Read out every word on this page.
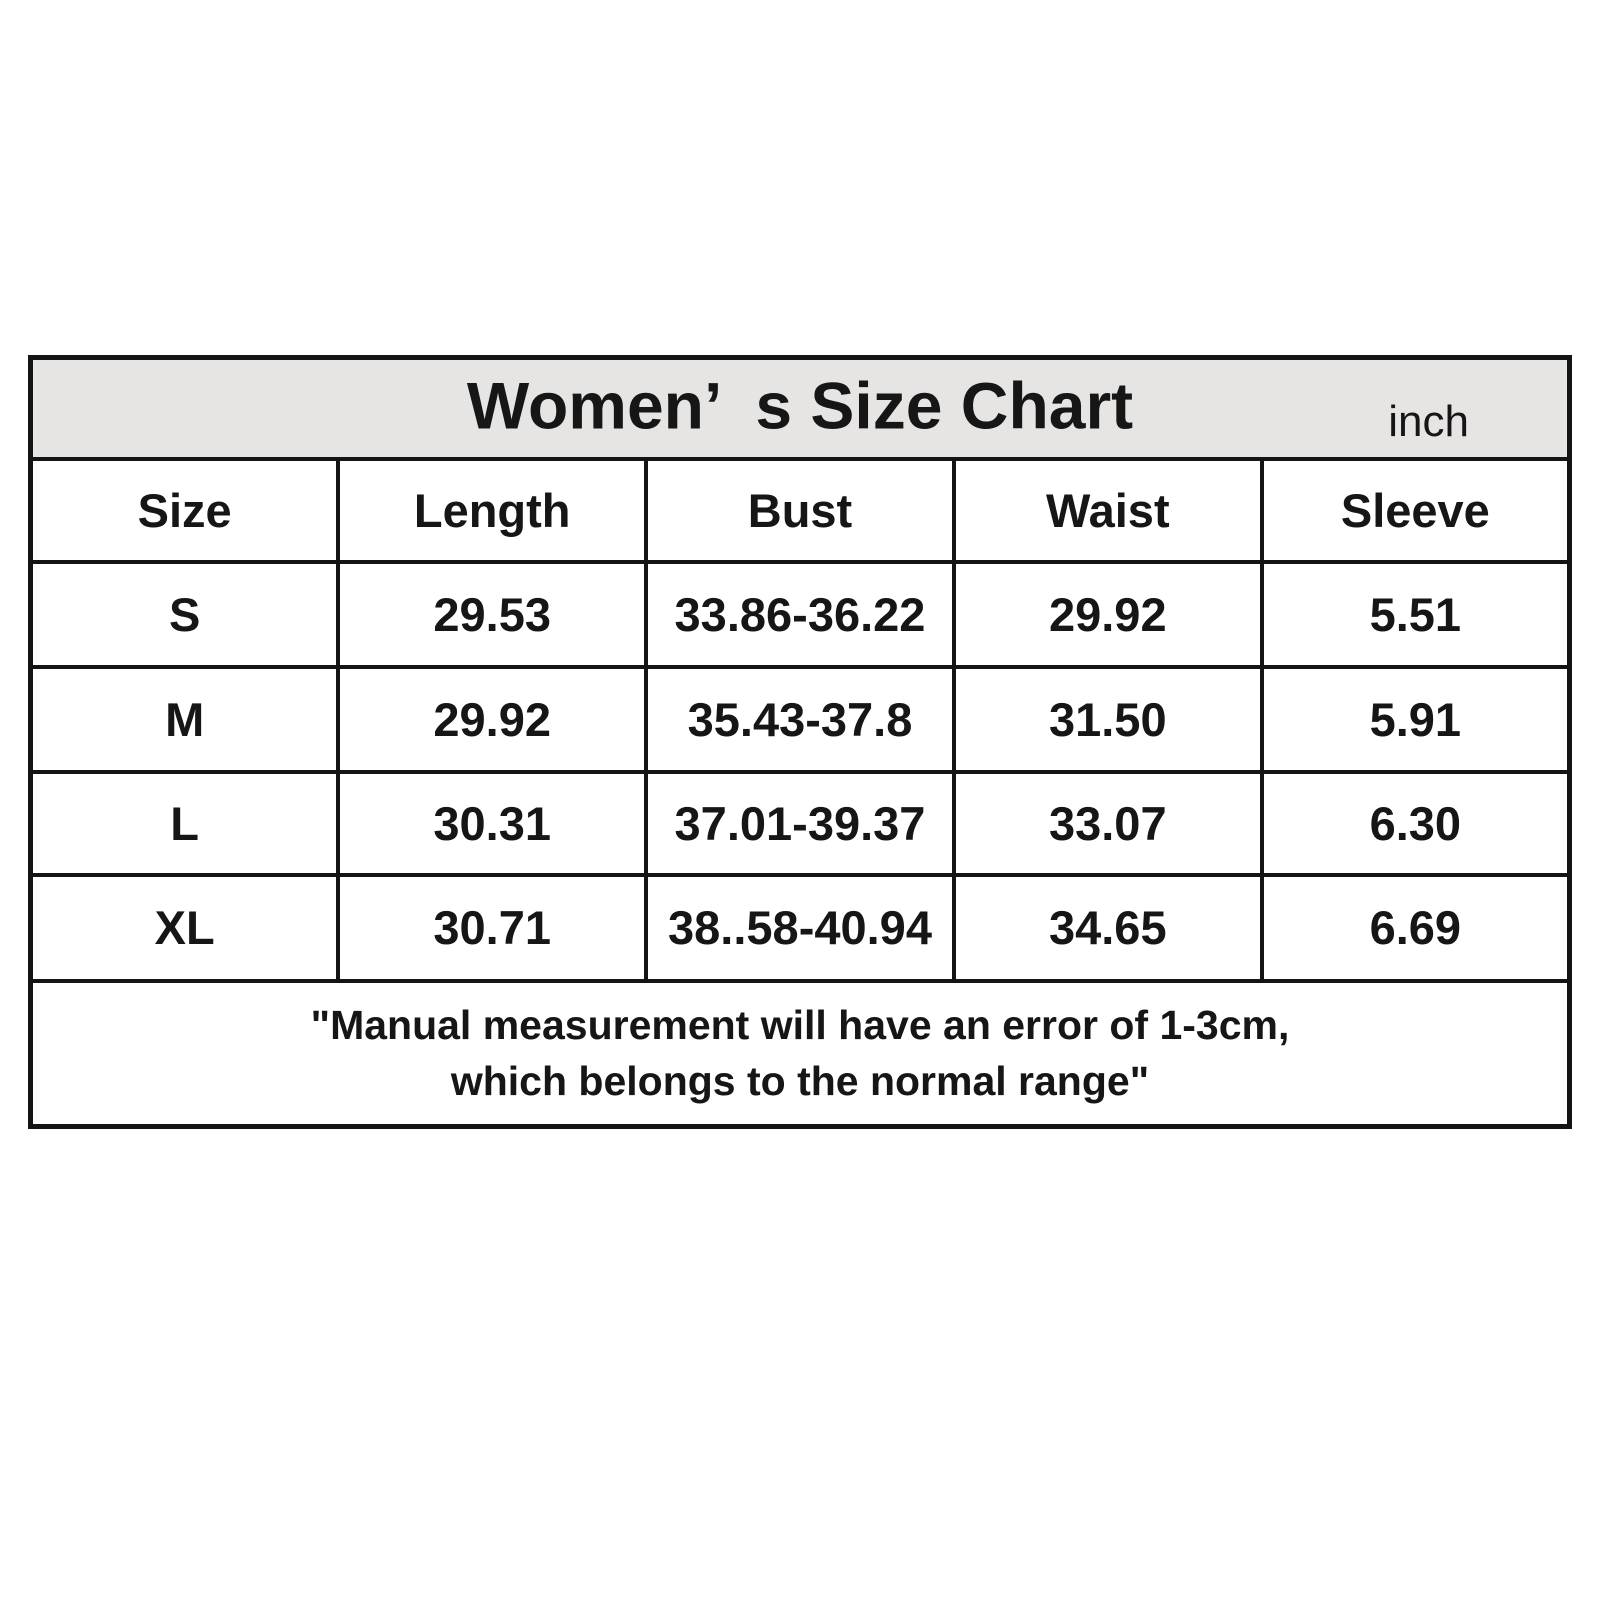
Women’  s Size Chart inch				

Size	Length	Bust	Waist	Sleeve
S	29.53	33.86-36.22	29.92	5.51
M	29.92	35.43-37.8	31.50	5.91
L	30.31	37.01-39.37	33.07	6.30
XL	30.71	38..58-40.94	34.65	6.69

"Manual measurement will have an error of 1-3cm,
which belongs to the normal range"				
